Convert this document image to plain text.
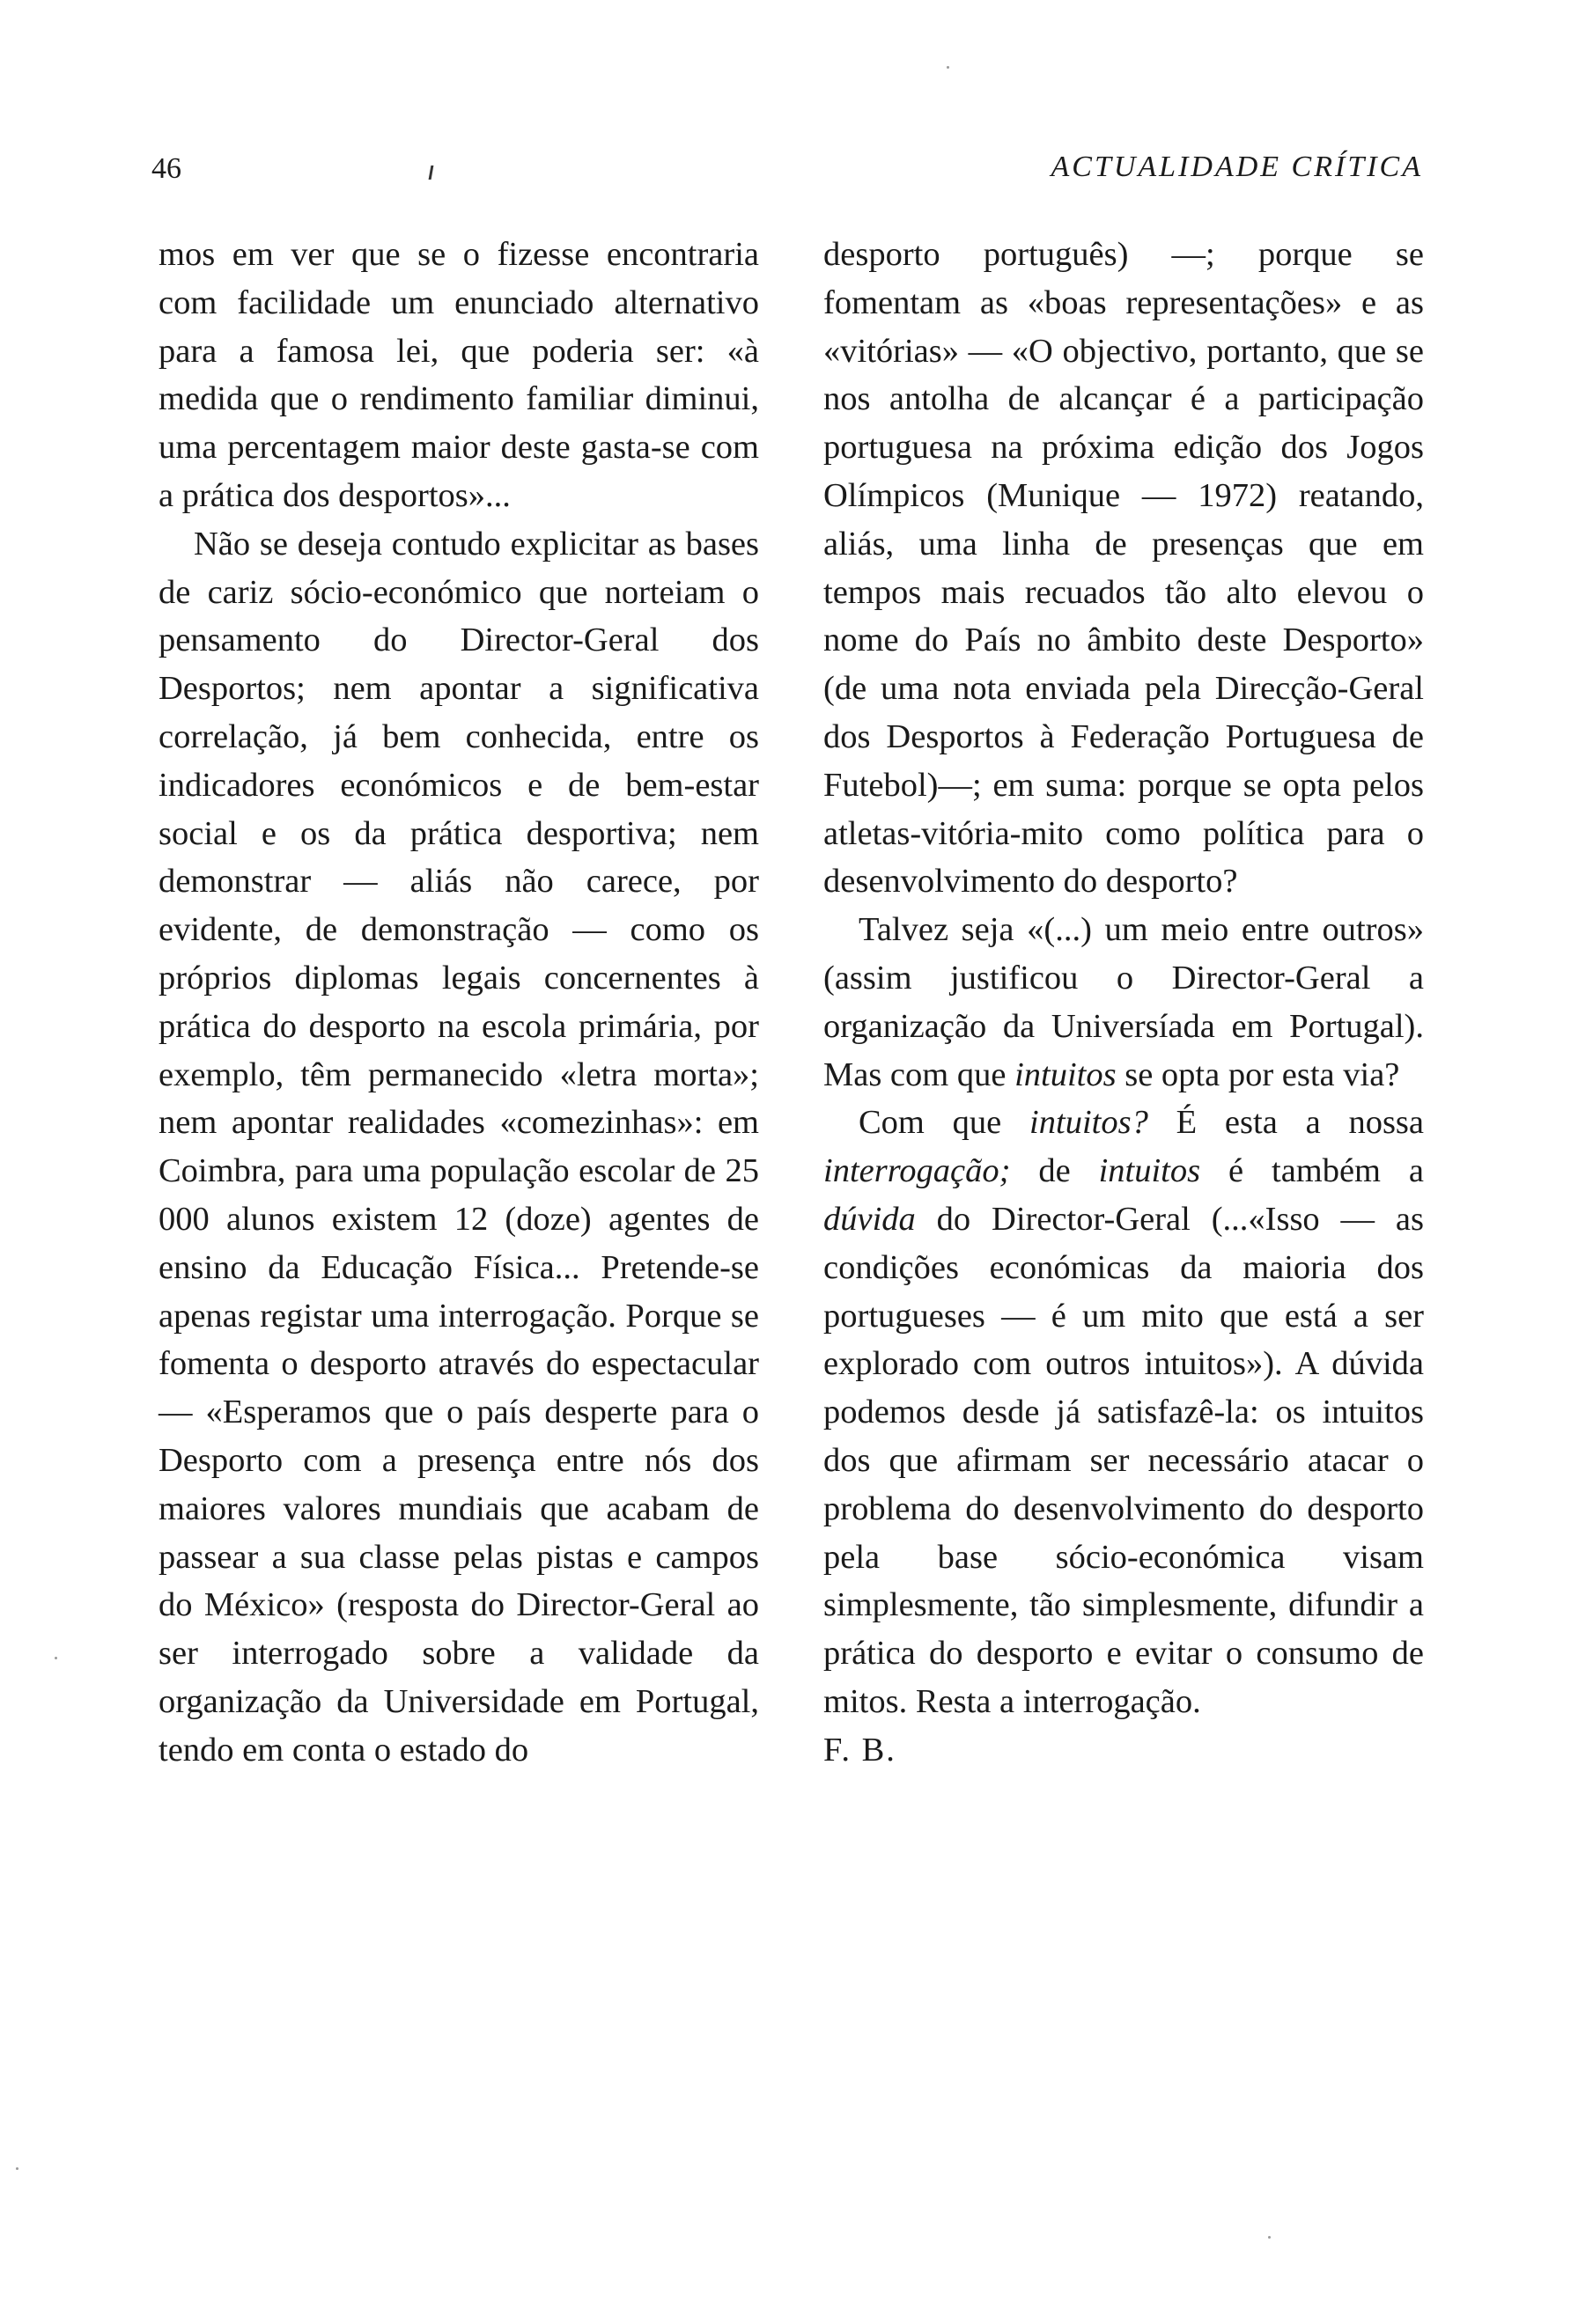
46	ACTUALIDADE CRÍTICA

mos em ver que se o fizesse encontraria com facilidade um enunciado alternativo para a famosa lei, que poderia ser: «à medida que o rendimento familiar diminui, uma percentagem maior deste gasta-se com a prática dos desportos»...

Não se deseja contudo explicitar as bases de cariz sócio-económico que norteiam o pensamento do Director-Geral dos Desportos; nem apontar a significativa correlação, já bem conhecida, entre os indicadores económicos e de bem-estar social e os da prática desportiva; nem demonstrar — aliás não carece, por evidente, de demonstração — como os próprios diplomas legais concernentes à prática do desporto na escola primária, por exemplo, têm permanecido «letra morta»; nem apontar realidades «comezinhas»: em Coimbra, para uma população escolar de 25 000 alunos existem 12 (doze) agentes de ensino da Educação Física... Pretende-se apenas registar uma interrogação. Porque se fomenta o desporto através do espectacular — «Esperamos que o país desperte para o Desporto com a presença entre nós dos maiores valores mundiais que acabam de passear a sua classe pelas pistas e campos do México» (resposta do Director-Geral ao ser interrogado sobre a validade da organização da Universidade em Portugal, tendo em conta o estado do

desporto português) —; porque se fomentam as «boas representações» e as «vitórias» — «O objectivo, portanto, que se nos antolha de alcançar é a participação portuguesa na próxima edição dos Jogos Olímpicos (Munique — 1972) reatando, aliás, uma linha de presenças que em tempos mais recuados tão alto elevou o nome do País no âmbito deste Desporto» (de uma nota enviada pela Direcção-Geral dos Desportos à Federação Portuguesa de Futebol)—; em suma: porque se opta pelos atletas-vitória-mito como política para o desenvolvimento do desporto?

Talvez seja «(...) um meio entre outros» (assim justificou o Director-Geral a organização da Universíada em Portugal). Mas com que intuitos se opta por esta via?

Com que intuitos? É esta a nossa interrogação; de intuitos é também a dúvida do Director-Geral (...«Isso — as condições económicas da maioria dos portugueses — é um mito que está a ser explorado com outros intuitos»). A dúvida podemos desde já satisfazê-la: os intuitos dos que afirmam ser necessário atacar o problema do desenvolvimento do desporto pela base sócio-económica visam simplesmente, tão simplesmente, difundir a prática do desporto e evitar o consumo de mitos. Resta a interrogação.

F. B.
